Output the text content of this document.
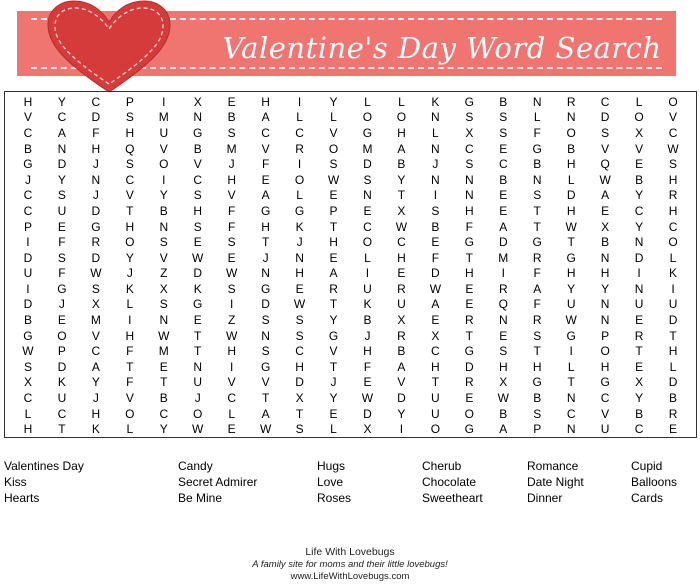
Valentine's Day Word Search
H	Y	C	P	I	X	E	H	I	Y	L	L	K	G	B	N	R	C	L	O
V	C	D	S	M	N	B	A	L	L	O	O	N	S	S	L	N	D	O	V
C	A	F	H	U	G	S	C	C	V	G	H	L	X	S	F	O	S	X	C
B	N	H	Q	V	B	M	V	R	O	M	A	N	C	E	G	B	V	V	W
G	D	J	S	O	V	J	F	I	S	D	B	J	S	C	B	H	Q	E	S
J	Y	N	C	I	C	H	E	O	W	S	Y	N	N	B	N	L	W	B	H
C	S	J	V	Y	S	V	A	L	E	N	T	I	N	E	S	D	A	Y	R
C	U	D	T	B	H	F	G	G	P	E	X	S	H	E	T	H	E	C	H
P	E	G	H	N	S	F	H	K	T	C	W	B	F	A	T	W	X	Y	C
I	F	R	O	S	E	S	T	J	H	O	C	E	G	D	G	T	B	N	O
D	S	D	Y	V	W	E	J	N	E	L	H	F	T	M	R	G	N	D	L
U	F	W	J	Z	D	W	N	H	A	I	E	D	H	I	F	H	H	I	K
I	G	S	K	X	K	S	G	E	R	U	R	W	E	R	A	Y	Y	N	I
D	J	X	L	S	G	I	D	W	T	K	U	A	E	Q	F	U	N	U	U
B	E	M	I	N	E	Z	S	S	Y	B	X	E	R	N	R	W	N	E	D
G	O	V	H	W	T	W	N	S	G	J	R	X	T	E	S	G	P	R	T
W	P	C	F	M	T	H	S	C	V	H	B	C	G	S	T	I	O	T	H
S	D	A	T	E	N	I	G	H	T	F	A	H	D	H	H	L	H	E	L
X	K	Y	F	T	U	V	V	D	J	E	V	T	R	X	G	T	G	X	D
C	U	J	V	B	J	C	T	X	Y	W	D	U	E	W	B	N	C	Y	B
L	C	H	O	C	O	L	A	T	E	D	Y	U	O	B	S	C	V	B	R
H	T	K	L	Y	W	E	W	S	L	X	I	O	G	A	P	N	U	C	E
Valentines Day
Kiss
Hearts
Candy
Secret Admirer
Be Mine
Hugs
Love
Roses
Cherub
Chocolate
Sweetheart
Romance
Date Night
Dinner
Cupid
Balloons
Cards
Life With Lovebugs
A family site for moms and their little lovebugs!
www.LifeWithLovebugs.com
